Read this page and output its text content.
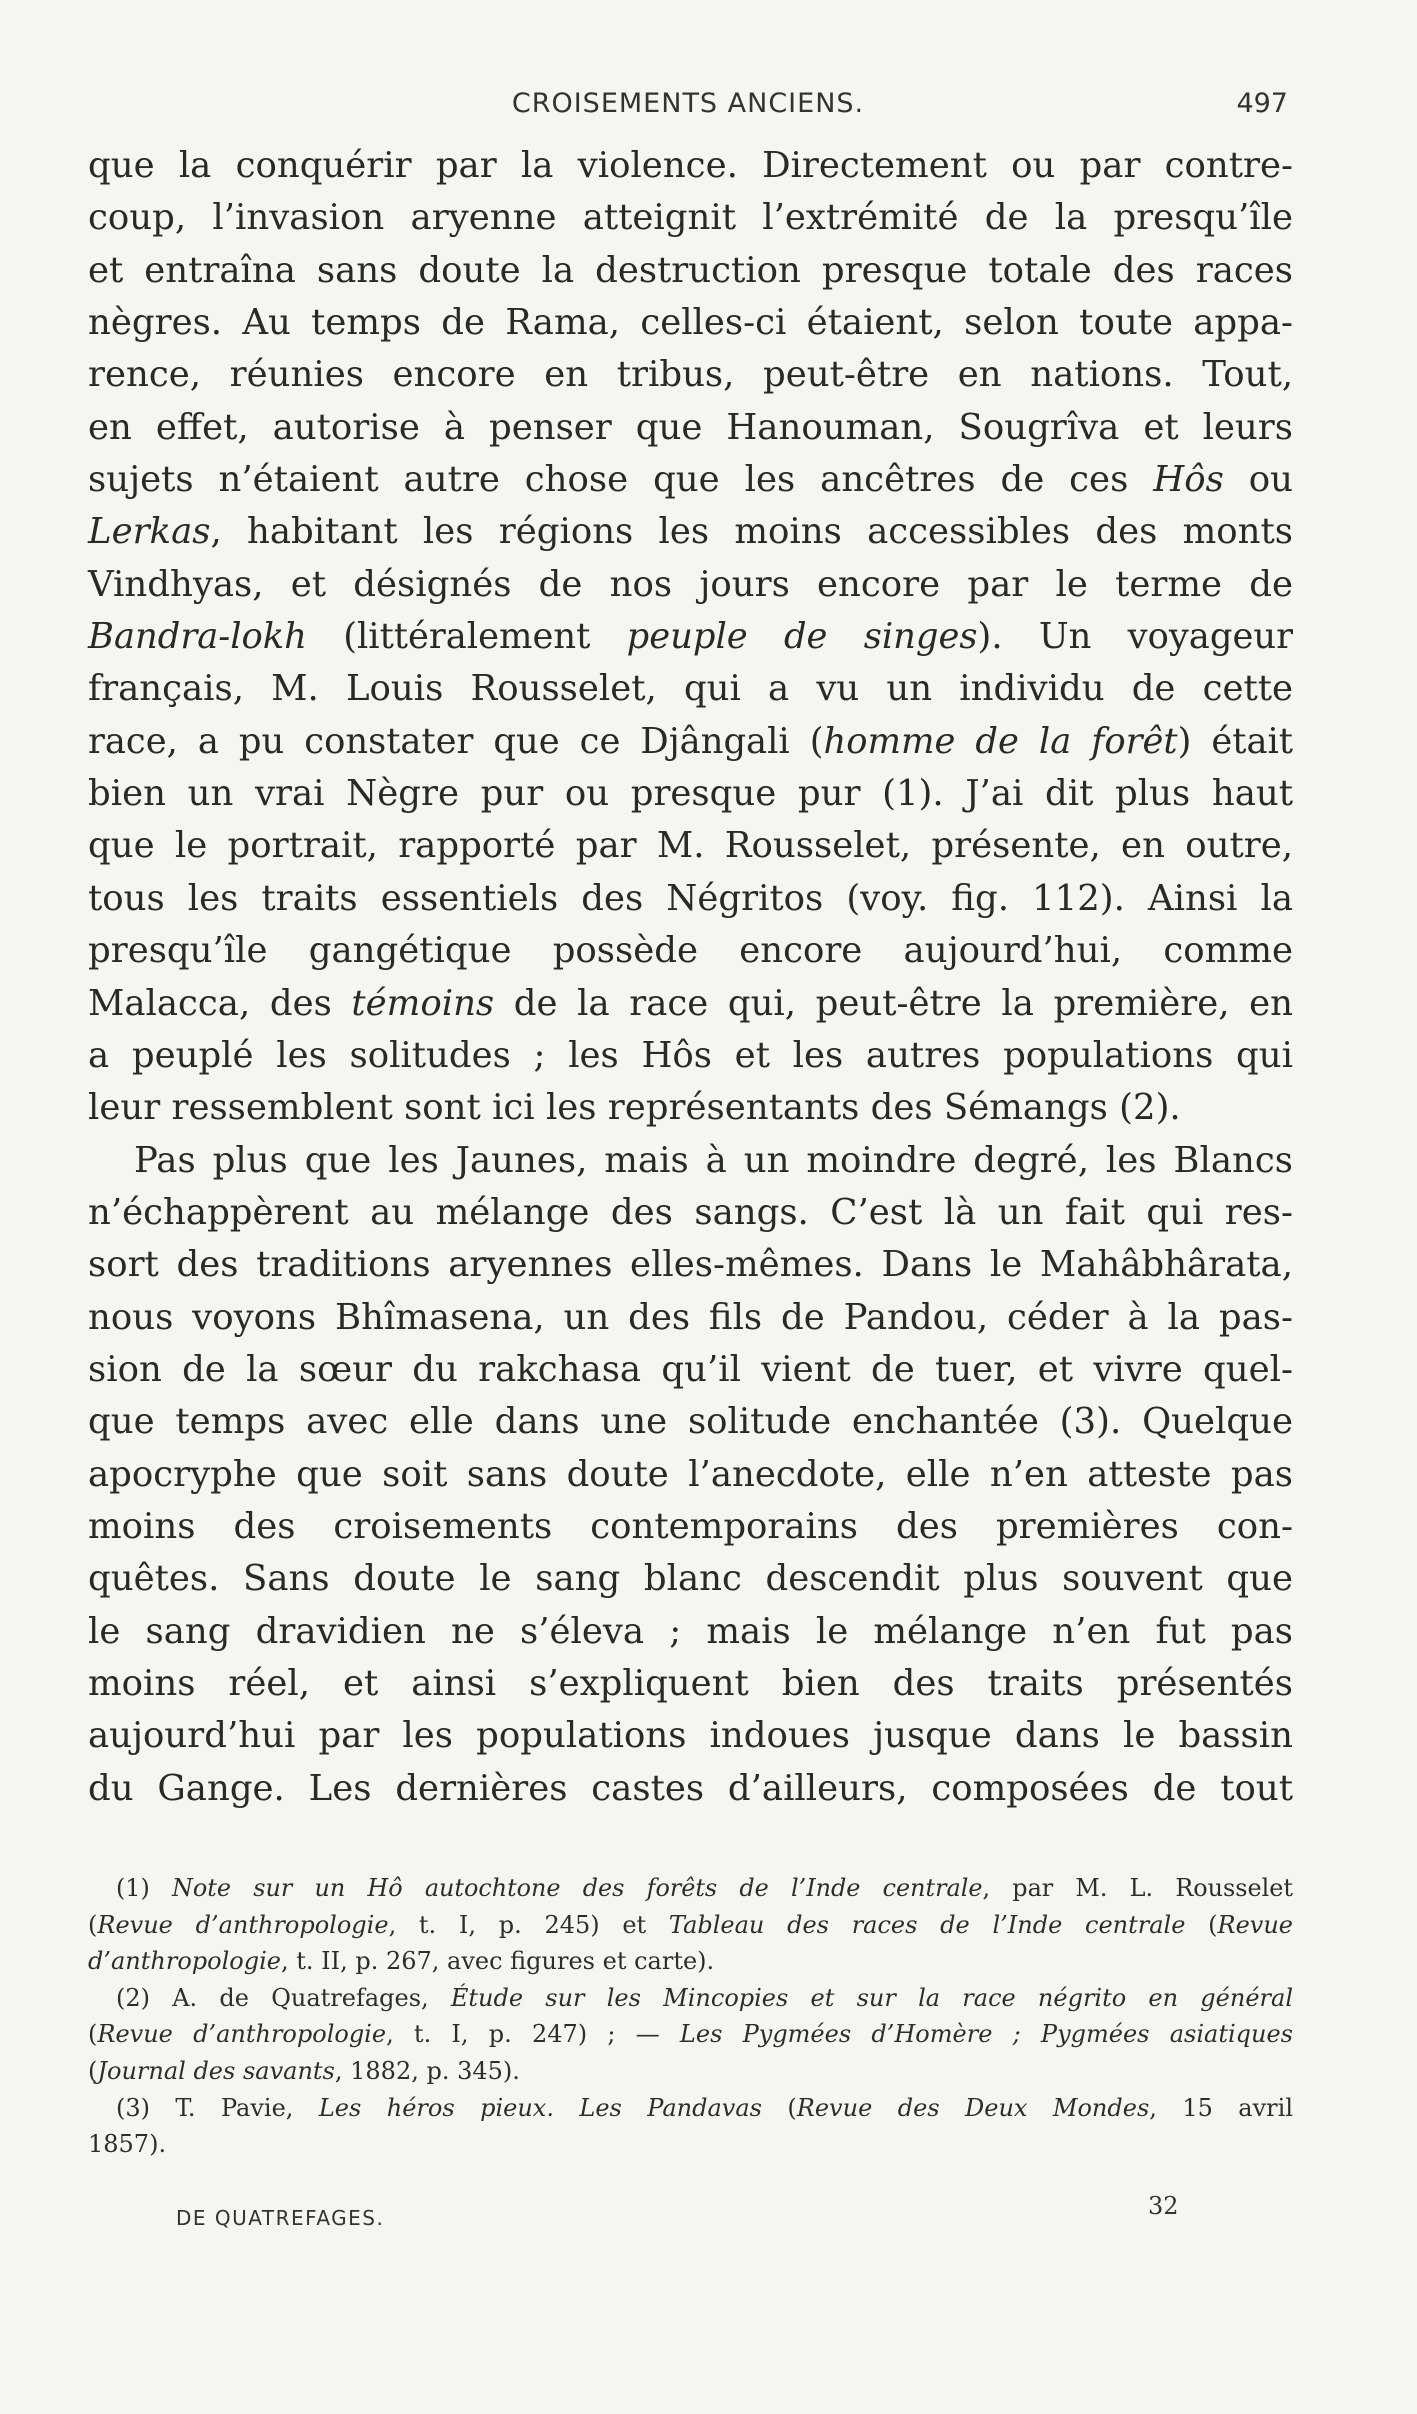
CROISEMENTS ANCIENS.	497
que la conquérir par la violence. Directement ou par contre-
coup, l’invasion aryenne atteignit l’extrémité de la presqu’île
et entraîna sans doute la destruction presque totale des races
nègres. Au temps de Rama, celles-ci étaient, selon toute appa-
rence, réunies encore en tribus, peut-être en nations. Tout,
en effet, autorise à penser que Hanouman, Sougrîva et leurs
sujets n’étaient autre chose que les ancêtres de ces Hôs ou
Lerkas, habitant les régions les moins accessibles des monts
Vindhyas, et désignés de nos jours encore par le terme de
Bandra-lokh (littéralement peuple de singes). Un voyageur
français, M. Louis Rousselet, qui a vu un individu de cette
race, a pu constater que ce Djângali (homme de la forêt) était
bien un vrai Nègre pur ou presque pur (1). J’ai dit plus haut
que le portrait, rapporté par M. Rousselet, présente, en outre,
tous les traits essentiels des Négritos (voy. fig. 112). Ainsi la
presqu’île gangétique possède encore aujourd’hui, comme
Malacca, des témoins de la race qui, peut-être la première, en
a peuplé les solitudes ; les Hôs et les autres populations qui
leur ressemblent sont ici les représentants des Sémangs (2).
Pas plus que les Jaunes, mais à un moindre degré, les Blancs
n’échappèrent au mélange des sangs. C’est là un fait qui res-
sort des traditions aryennes elles-mêmes. Dans le Mahâbhârata,
nous voyons Bhîmasena, un des fils de Pandou, céder à la pas-
sion de la sœur du rakchasa qu’il vient de tuer, et vivre quel-
que temps avec elle dans une solitude enchantée (3). Quelque
apocryphe que soit sans doute l’anecdote, elle n’en atteste pas
moins des croisements contemporains des premières con-
quêtes. Sans doute le sang blanc descendit plus souvent que
le sang dravidien ne s’éleva ; mais le mélange n’en fut pas
moins réel, et ainsi s’expliquent bien des traits présentés
aujourd’hui par les populations indoues jusque dans le bassin
du Gange. Les dernières castes d’ailleurs, composées de tout
(1) Note sur un Hô autochtone des forêts de l’Inde centrale, par M. L. Rousselet
(Revue d’anthropologie, t. I, p. 245) et Tableau des races de l’Inde centrale (Revue
d’anthropologie, t. II, p. 267, avec figures et carte).
(2) A. de Quatrefages, Étude sur les Mincopies et sur la race négrito en général
(Revue d’anthropologie, t. I, p. 247) ; — Les Pygmées d’Homère ; Pygmées asiatiques
(Journal des savants, 1882, p. 345).
(3) T. Pavie, Les héros pieux. Les Pandavas (Revue des Deux Mondes, 15 avril
1857).
32
DE QUATREFAGES.
